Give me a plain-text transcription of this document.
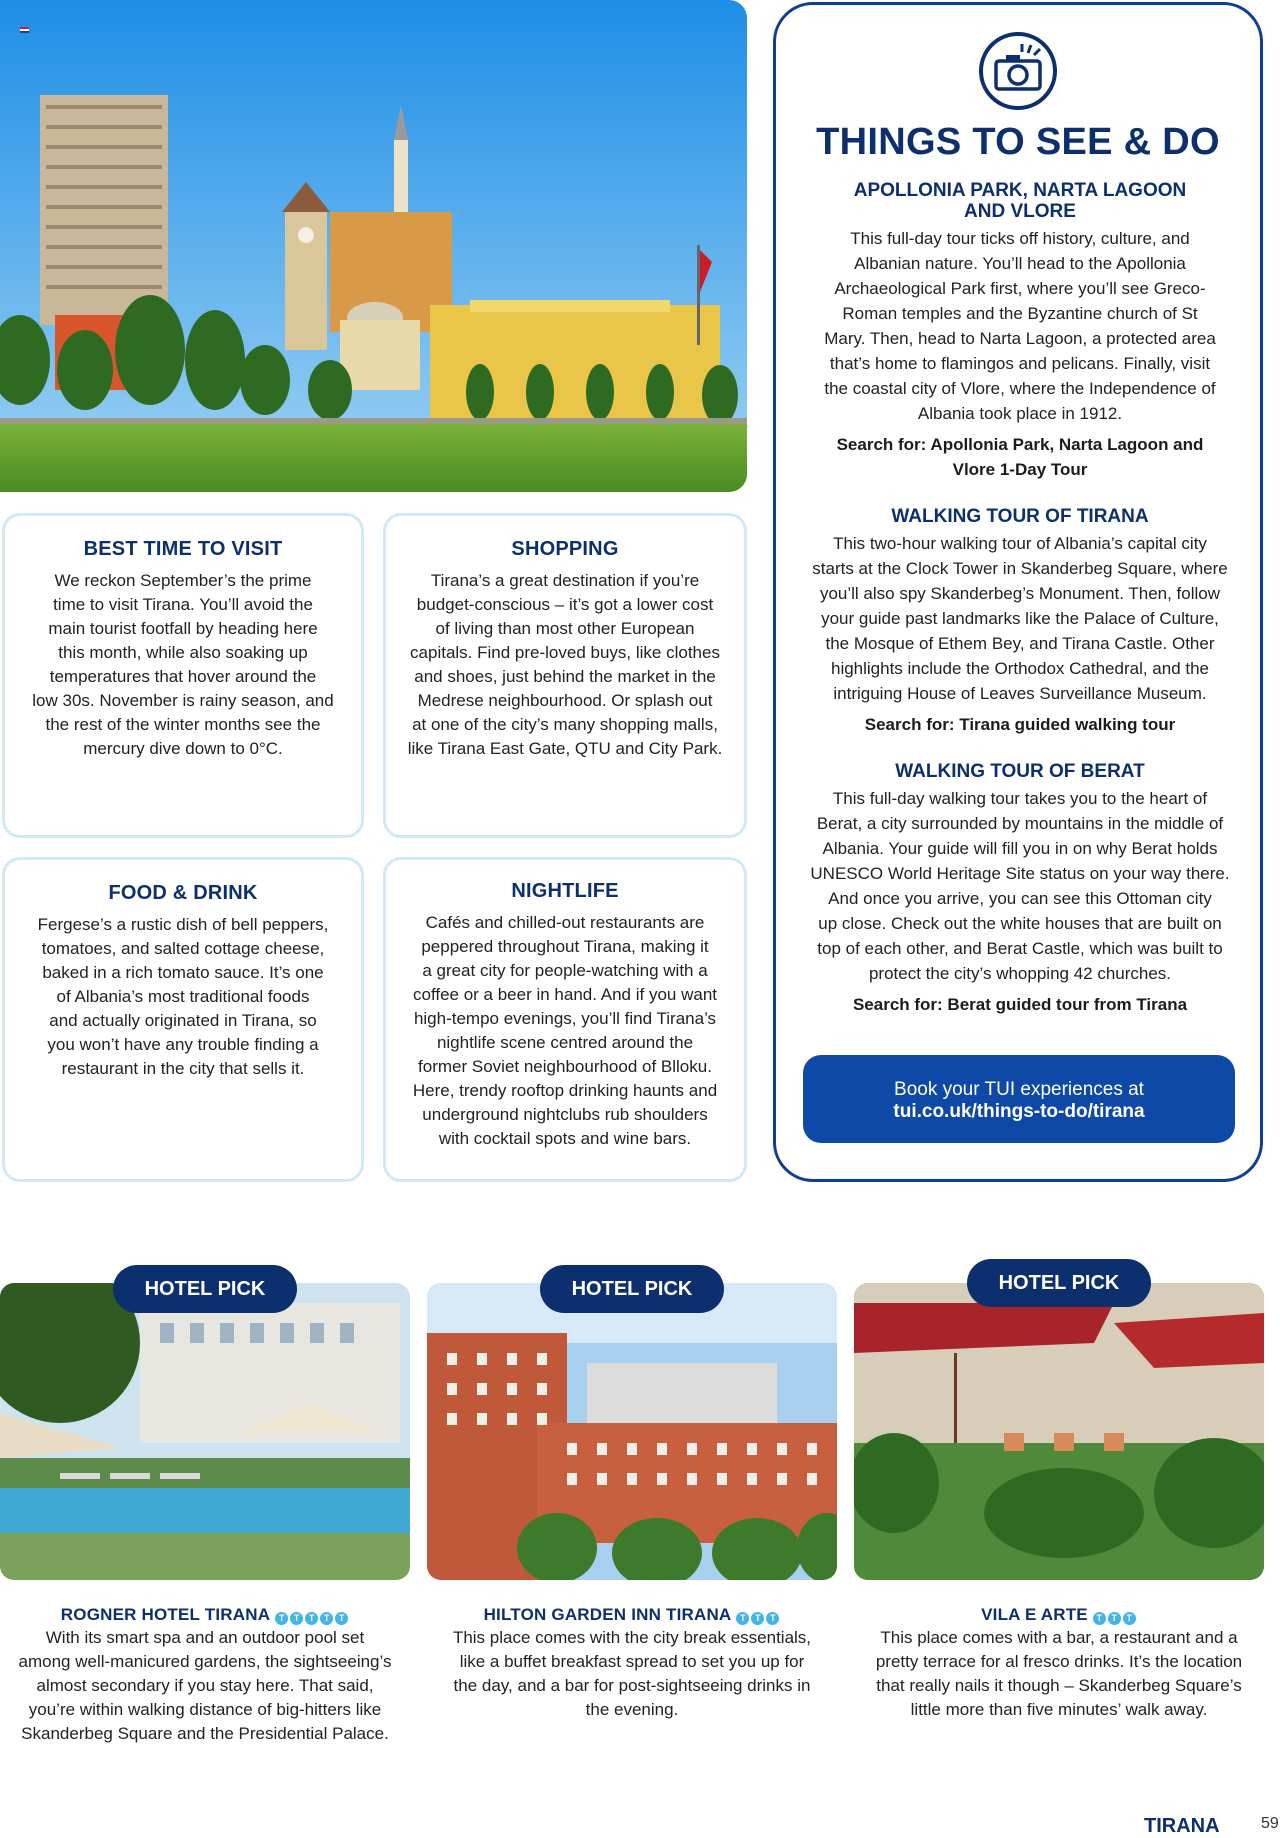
BEST TIME TO VISIT

We reckon September’s the prime
time to visit Tirana. You’ll avoid the
main tourist footfall by heading here
this month, while also soaking up
temperatures that hover around the
low 30s. November is rainy season, and
the rest of the winter months see the
mercury dive down to 0°C.

SHOPPING

Tirana’s a great destination if you’re
budget-conscious – it’s got a lower cost
of living than most other European
capitals. Find pre-loved buys, like clothes
and shoes, just behind the market in the
Medrese neighbourhood. Or splash out
at one of the city’s many shopping malls,
like Tirana East Gate, QTU and City Park.

FOOD & DRINK

Fergese’s a rustic dish of bell peppers,
tomatoes, and salted cottage cheese,
baked in a rich tomato sauce. It’s one
of Albania’s most traditional foods
and actually originated in Tirana, so
you won’t have any trouble finding a
restaurant in the city that sells it.

NIGHTLIFE

Cafés and chilled-out restaurants are
peppered throughout Tirana, making it
a great city for people-watching with a
coffee or a beer in hand. And if you want
high-tempo evenings, you’ll find Tirana’s
nightlife scene centred around the
former Soviet neighbourhood of Blloku.
Here, trendy rooftop drinking haunts and
underground nightclubs rub shoulders
with cocktail spots and wine bars.

THINGS TO SEE & DO
APOLLONIA PARK, NARTA LAGOON
AND VLORE

This full-day tour ticks off history, culture, and
Albanian nature. You’ll head to the Apollonia
Archaeological Park first, where you’ll see Greco-
Roman temples and the Byzantine church of St
Mary. Then, head to Narta Lagoon, a protected area
that’s home to flamingos and pelicans. Finally, visit
the coastal city of Vlore, where the Independence of
Albania took place in 1912.

Search for: Apollonia Park, Narta Lagoon and
Vlore 1-Day Tour

WALKING TOUR OF TIRANA

This two-hour walking tour of Albania’s capital city
starts at the Clock Tower in Skanderbeg Square, where
you’ll also spy Skanderbeg’s Monument. Then, follow
your guide past landmarks like the Palace of Culture,
the Mosque of Ethem Bey, and Tirana Castle. Other
highlights include the Orthodox Cathedral, and the
intriguing House of Leaves Surveillance Museum.

Search for: Tirana guided walking tour

WALKING TOUR OF BERAT

This full-day walking tour takes you to the heart of
Berat, a city surrounded by mountains in the middle of
Albania. Your guide will fill you in on why Berat holds
UNESCO World Heritage Site status on your way there.
And once you arrive, you can see this Ottoman city
up close. Check out the white houses that are built on
top of each other, and Berat Castle, which was built to
protect the city’s whopping 42 churches.

Search for: Berat guided tour from Tirana

Book your TUI experiences at
tui.co.uk/things-to-do/tirana
HOTEL PICK
ROGNER HOTEL TIRANA T T T T T
With its smart spa and an outdoor pool set
among well-manicured gardens, the sightseeing’s
almost secondary if you stay here. That said,
you’re within walking distance of big-hitters like
Skanderbeg Square and the Presidential Palace.
HOTEL PICK
HILTON GARDEN INN TIRANA T T T
This place comes with the city break essentials,
like a buffet breakfast spread to set you up for
the day, and a bar for post-sightseeing drinks in
the evening.
HOTEL PICK
VILA E ARTE T T T
This place comes with a bar, a restaurant and a
pretty terrace for al fresco drinks. It’s the location
that really nails it though – Skanderbeg Square’s
little more than five minutes’ walk away.
TIRANA	59
